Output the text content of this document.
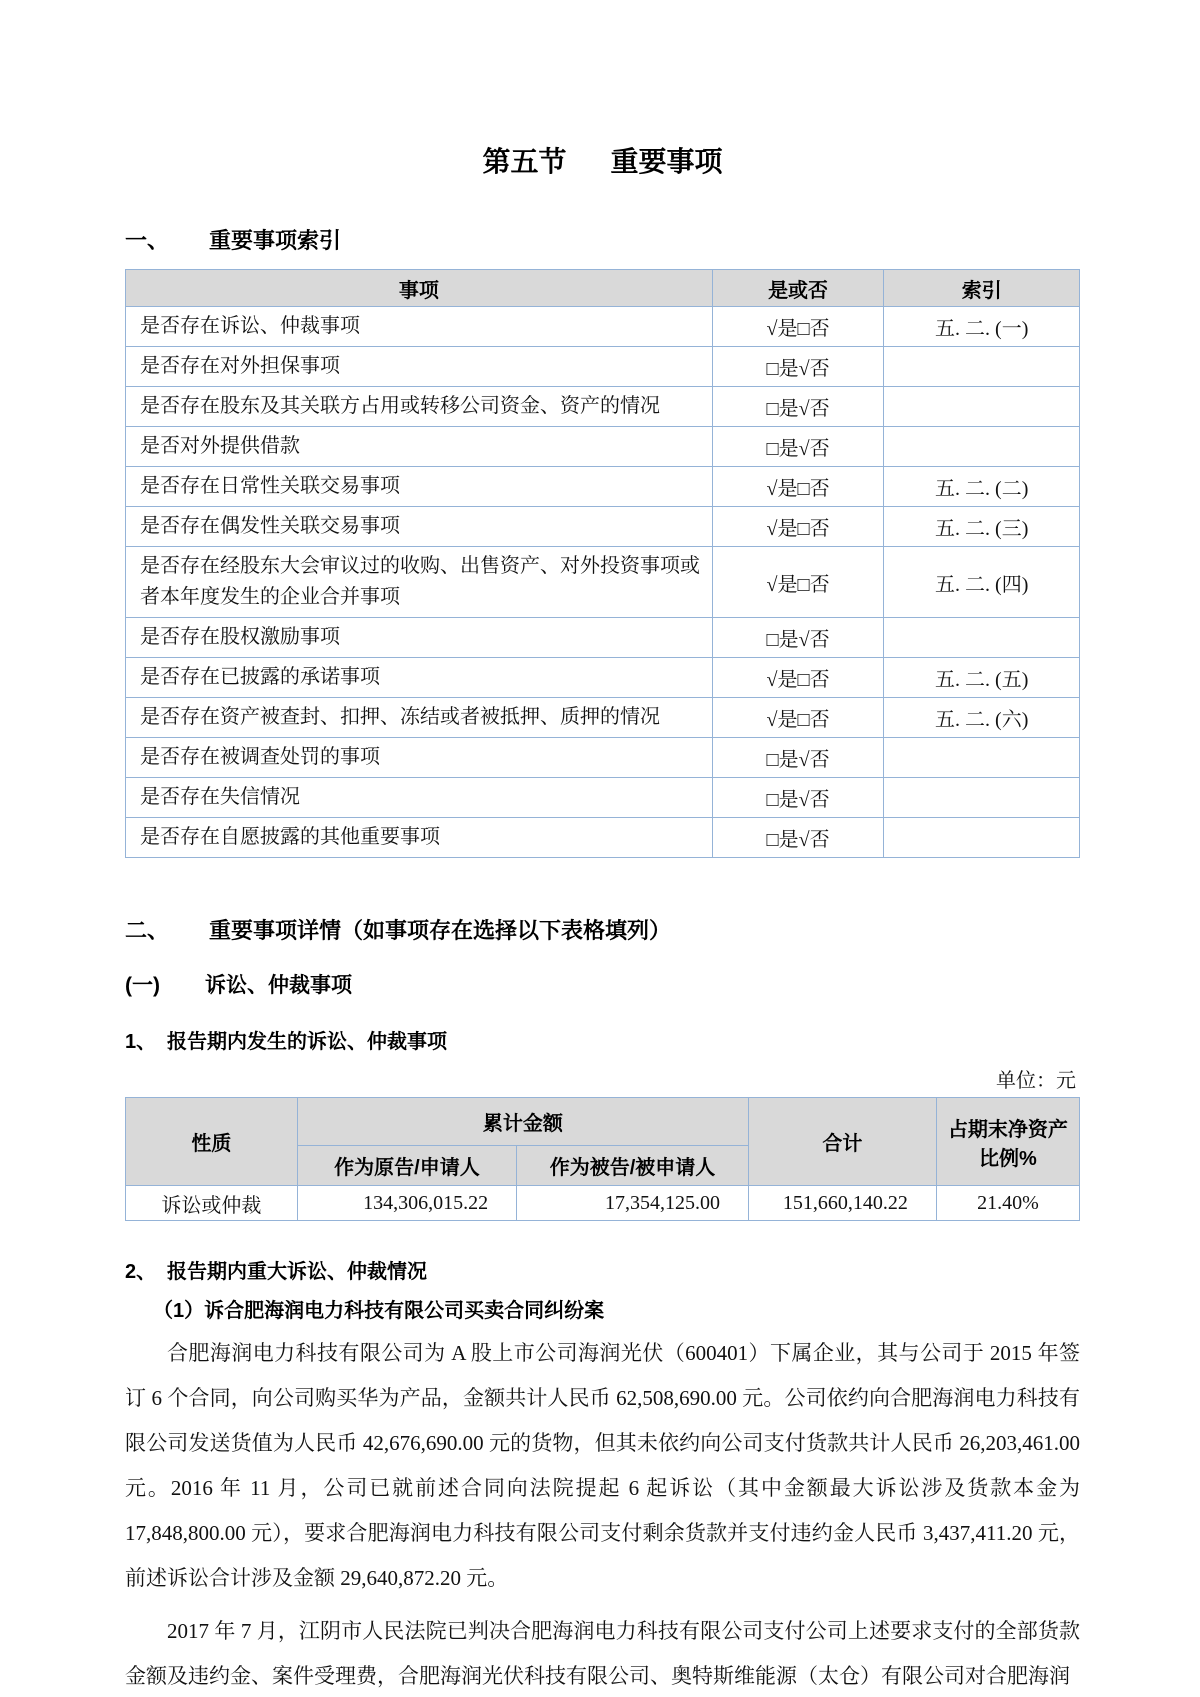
第五节 重要事项
一、	重要事项索引
事项	是或否	索引
是否存在诉讼、仲裁事项	√是□否	五. 二. (一)
是否存在对外担保事项	□是√否	
是否存在股东及其关联方占用或转移公司资金、资产的情况	□是√否	
是否对外提供借款	□是√否	
是否存在日常性关联交易事项	√是□否	五. 二. (二)
是否存在偶发性关联交易事项	√是□否	五. 二. (三)
是否存在经股东大会审议过的收购、出售资产、对外投资事项或者本年度发生的企业合并事项	√是□否	五. 二. (四)
是否存在股权激励事项	□是√否	
是否存在已披露的承诺事项	√是□否	五. 二. (五)
是否存在资产被查封、扣押、冻结或者被抵押、质押的情况	√是□否	五. 二. (六)
是否存在被调查处罚的事项	□是√否	
是否存在失信情况	□是√否	
是否存在自愿披露的其他重要事项	□是√否	
二、	重要事项详情（如事项存在选择以下表格填列）
(一)	诉讼、仲裁事项
1、 报告期内发生的诉讼、仲裁事项
单位：元
性质	累计金额		合计	占期末净资产比例%
	作为原告/申请人	作为被告/被申请人		
诉讼或仲裁	134,306,015.22	17,354,125.00	151,660,140.22	21.40%
2、 报告期内重大诉讼、仲裁情况
（1）诉合肥海润电力科技有限公司买卖合同纠纷案

合肥海润电力科技有限公司为 A 股上市公司海润光伏（600401）下属企业，其与公司于 2015 年签订 6 个合同，向公司购买华为产品，金额共计人民币 62,508,690.00 元。公司依约向合肥海润电力科技有限公司发送货值为人民币 42,676,690.00 元的货物，但其未依约向公司支付货款共计人民币 26,203,461.00 元。2016 年 11 月，公司已就前述合同向法院提起 6 起诉讼（其中金额最大诉讼涉及货款本金为 17,848,800.00 元），要求合肥海润电力科技有限公司支付剩余货款并支付违约金人民币 3,437,411.20 元，前述诉讼合计涉及金额 29,640,872.20 元。

2017 年 7 月，江阴市人民法院已判决合肥海润电力科技有限公司支付公司上述要求支付的全部货款金额及违约金、案件受理费，合肥海润光伏科技有限公司、奥特斯维能源（太仓）有限公司对合肥海润
